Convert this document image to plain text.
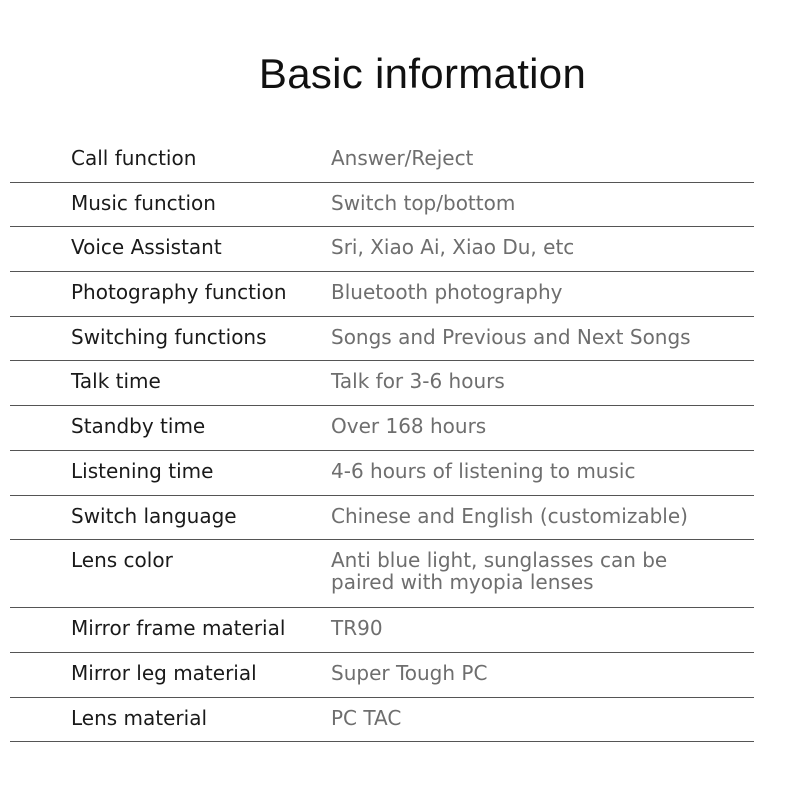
Basic information
Call function	Answer/Reject
Music function	Switch top/bottom
Voice Assistant	Sri, Xiao Ai, Xiao Du, etc
Photography function	Bluetooth photography
Switching functions	Songs and Previous and Next Songs
Talk time	Talk for 3-6 hours
Standby time	Over 168 hours
Listening time	4-6 hours of listening to music
Switch language	Chinese and English (customizable)
Lens color	Anti blue light, sunglasses can be
paired with myopia lenses
Mirror frame material	TR90
Mirror leg material	Super Tough PC
Lens material	PC TAC
